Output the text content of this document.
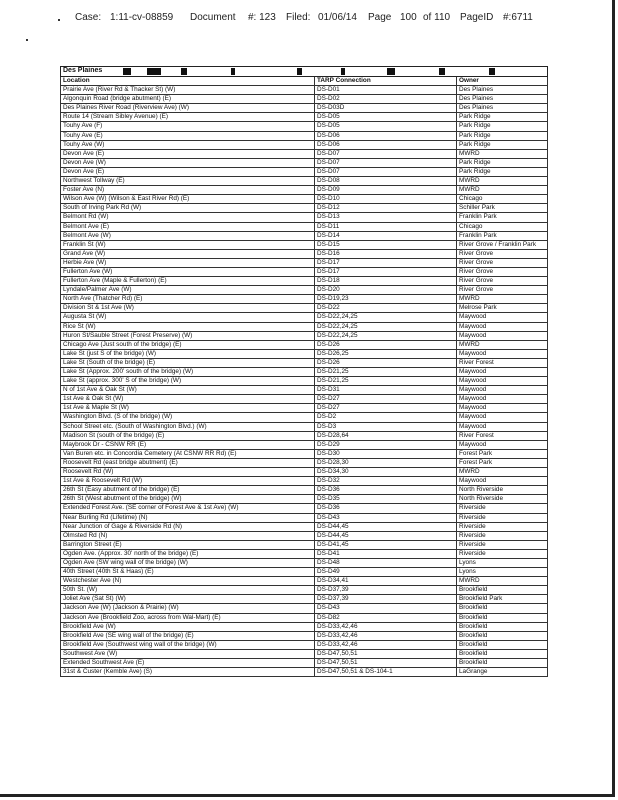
Case: 1:11-cv-08859 Document #: 123 Filed: 01/06/14 Page 100 of 110 PageID #:6711
Des Plaines		

Location	TARP Connection	Owner
Prairie Ave (River Rd & Thacker St) (W)	DS-D01	Des Plaines
Algonquin Road (bridge abutment) (E)	DS-D02	Des Plaines
Des Plaines River Road (Riverview Ave) (W)	DS-D03D	Des Plaines
Route 14 (Stream Sibley Avenue) (E)	DS-D05	Park Ridge
Touhy Ave (F)	DS-D05	Park Ridge
Touhy Ave (E)	DS-D06	Park Ridge
Touhy Ave (W)	DS-D06	Park Ridge
Devon Ave (E)	DS-D07	MWRD
Devon Ave (W)	DS-D07	Park Ridge
Devon Ave (E)	DS-D07	Park Ridge
Northwest Tollway (E)	DS-D08	MWRD
Foster Ave (N)	DS-D09	MWRD
Wilson Ave (W) (Wilson & East River Rd) (E)	DS-D10	Chicago
South of Irving Park Rd (W)	DS-D12	Schiller Park
Belmont Rd (W)	DS-D13	Franklin Park
Belmont Ave (E)	DS-D11	Chicago
Belmont Ave (W)	DS-D14	Franklin Park
Franklin St (W)	DS-D15	River Grove / Franklin Park
Grand Ave (W)	DS-D16	River Grove
Herbie Ave (W)	DS-D17	River Grove
Fullerton Ave (W)	DS-D17	River Grove
Fullerton Ave (Maple & Fullerton) (E)	DS-D18	River Grove
Lyndale/Palmer Ave (W)	DS-D20	River Grove
North Ave (Thatcher Rd) (E)	DS-D19,23	MWRD
Division St & 1st Ave (W)	DS-D22	Melrose Park
Augusta St (W)	DS-D22,24,25	Maywood
Rice St (W)	DS-D22,24,25	Maywood
Huron St/Sauble Street (Forest Preserve) (W)	DS-D22,24,25	Maywood
Chicago Ave (Just south of the bridge) (E)	DS-D26	MWRD
Lake St (just S of the bridge) (W)	DS-D26,25	Maywood
Lake St (South of the bridge) (E)	DS-D26	River Forest
Lake St (Approx. 200' south of the bridge) (W)	DS-D21,25	Maywood
Lake St (approx. 300' S of the bridge) (W)	DS-D21,25	Maywood
N of 1st Ave & Oak St (W)	DS-D31	Maywood
1st Ave & Oak St (W)	DS-D27	Maywood
1st Ave & Maple St (W)	DS-D27	Maywood
Washington Blvd. (S of the bridge) (W)	DS-D2	Maywood
School Street etc. (South of Washington Blvd.) (W)	DS-D3	Maywood
Madison St (south of the bridge) (E)	DS-D28,64	River Forest
Maybrook Dr - CSNW RR (E)	DS-D29	Maywood
Van Buren etc. in Concordia Cemetery (At CSNW RR Rd) (E)	DS-D30	Forest Park
Roosevelt Rd (east bridge abutment) (E)	DS-D28,30	Forest Park
Roosevelt Rd (W)	DS-D34,30	MWRD
1st Ave & Roosevelt Rd (W)	DS-D32	Maywood
26th St (Easy abutment of the bridge) (E)	DS-D36	North Riverside
26th St (West abutment of the bridge) (W)	DS-D35	North Riverside
Extended Forest Ave. (SE corner of Forest Ave & 1st Ave) (W)	DS-D36	Riverside
Near Burling Rd (Lifetime) (N)	DS-D43	Riverside
Near Junction of Gage & Riverside Rd (N)	DS-D44,45	Riverside
Olmsted Rd (N)	DS-D44,45	Riverside
Barrington Street (E)	DS-D41,45	Riverside
Ogden Ave. (Approx. 30' north of the bridge) (E)	DS-D41	Riverside
Ogden Ave (SW wing wall of the bridge) (W)	DS-D48	Lyons
40th Street (40th St & Haas) (E)	DS-D49	Lyons
Westchester Ave (N)	DS-D34,41	MWRD
50th St. (W)	DS-D37,39	Brookfield
Joliet Ave (Sat St) (W)	DS-D37,39	Brookfield Park
Jackson Ave (W) (Jackson & Prairie) (W)	DS-D43	Brookfield
Jackson Ave (Brookfield Zoo, across from Wal-Mart) (E)	DS-D82	Brookfield
Brookfield Ave (W)	DS-D33,42,46	Brookfield
Brookfield Ave (SE wing wall of the bridge) (E)	DS-D33,42,46	Brookfield
Brookfield Ave (Southwest wing wall of the bridge) (W)	DS-D33,42,46	Brookfield
Southwest Ave (W)	DS-D47,50,51	Brookfield
Extended Southwest Ave (E)	DS-D47,50,51	Brookfield
31st & Custer (Kemble Ave) (S)	DS-D47,50,51 & DS-104-1	LaGrange
